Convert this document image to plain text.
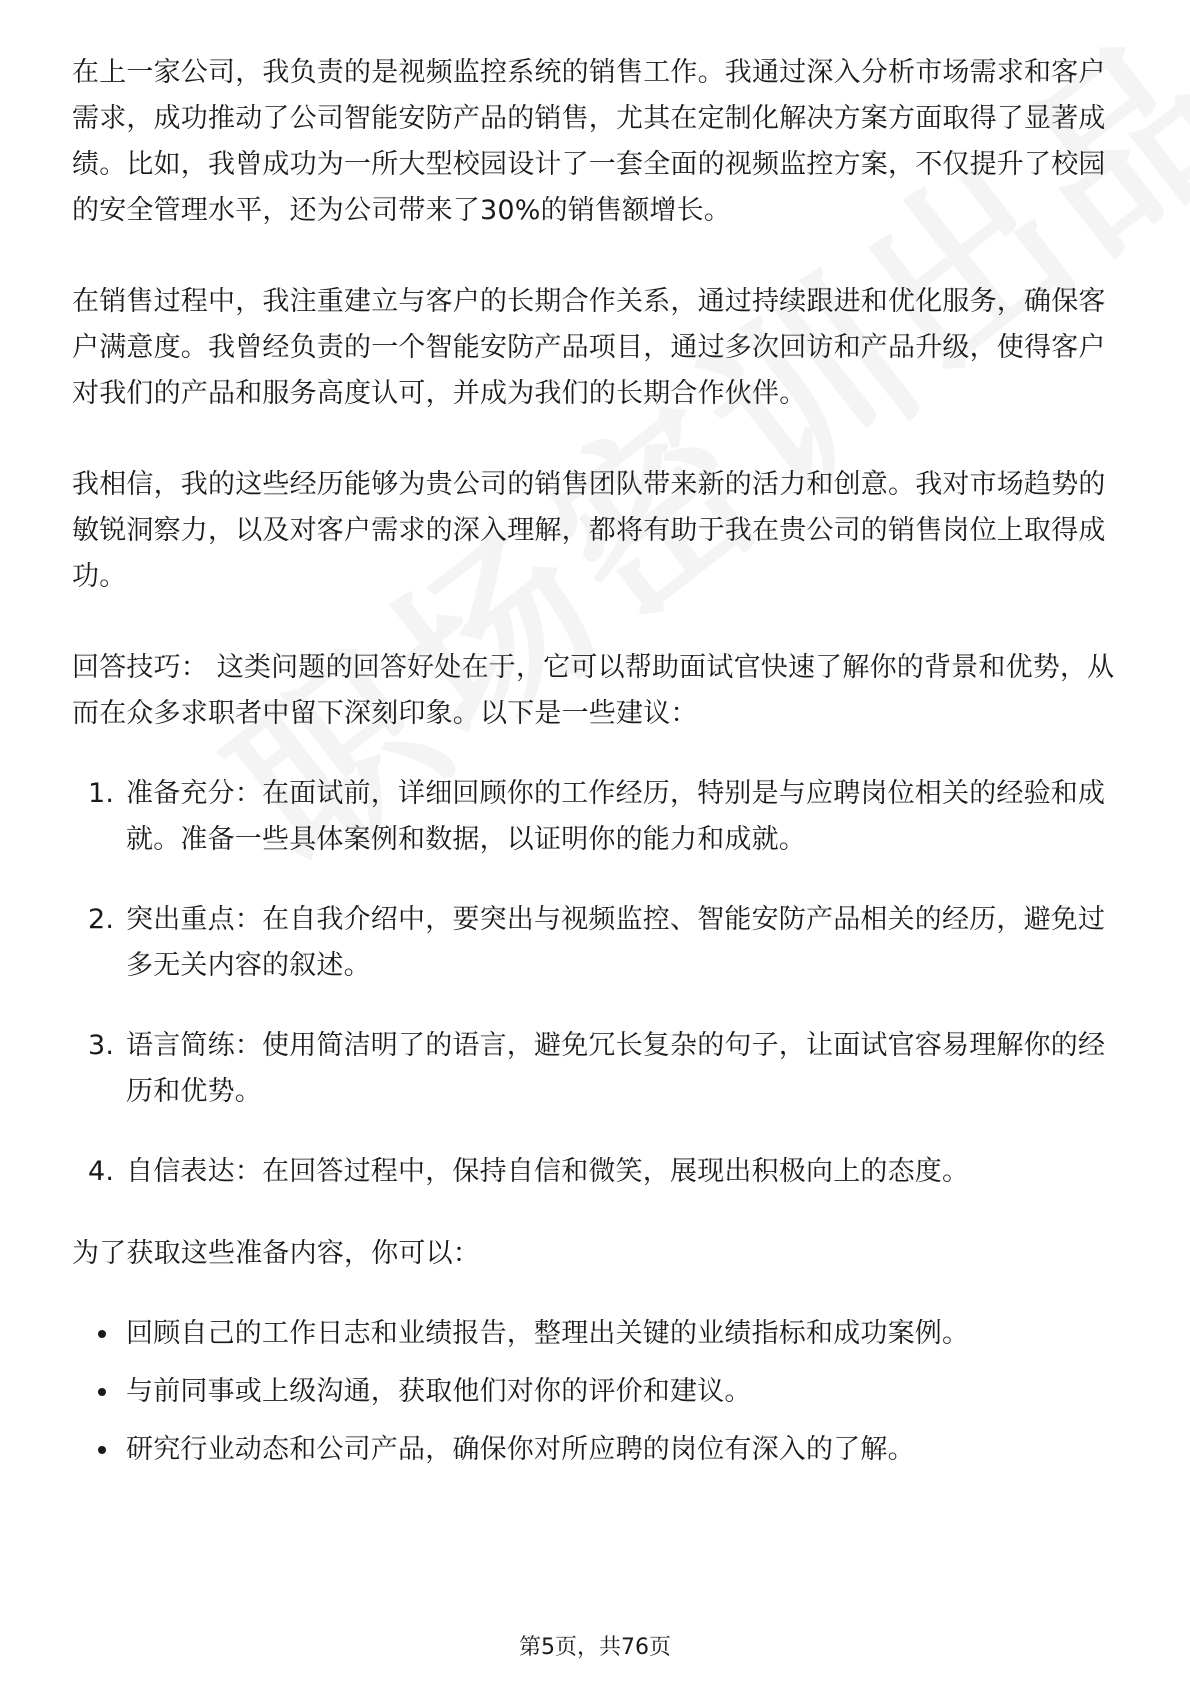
在上一家公司，我负责的是视频监控系统的销售工作。我通过深入分析市场需求和客户需求，成功推动了公司智能安防产品的销售，尤其在定制化解决方案方面取得了显著成绩。比如，我曾成功为一所大型校园设计了一套全面的视频监控方案，不仅提升了校园的安全管理水平，还为公司带来了30%的销售额增长。

在销售过程中，我注重建立与客户的长期合作关系，通过持续跟进和优化服务，确保客户满意度。我曾经负责的一个智能安防产品项目，通过多次回访和产品升级，使得客户对我们的产品和服务高度认可，并成为我们的长期合作伙伴。

我相信，我的这些经历能够为贵公司的销售团队带来新的活力和创意。我对市场趋势的敏锐洞察力，以及对客户需求的深入理解，都将有助于我在贵公司的销售岗位上取得成功。

回答技巧： 这类问题的回答好处在于，它可以帮助面试官快速了解你的背景和优势，从而在众多求职者中留下深刻印象。以下是一些建议：

1. 准备充分：在面试前，详细回顾你的工作经历，特别是与应聘岗位相关的经验和成就。准备一些具体案例和数据，以证明你的能力和成就。
2. 突出重点：在自我介绍中，要突出与视频监控、智能安防产品相关的经历，避免过多无关内容的叙述。
3. 语言简练：使用简洁明了的语言，避免冗长复杂的句子，让面试官容易理解你的经历和优势。
4. 自信表达：在回答过程中，保持自信和微笑，展现出积极向上的态度。

为了获取这些准备内容，你可以：

回顾自己的工作日志和业绩报告，整理出关键的业绩指标和成功案例。
与前同事或上级沟通，获取他们对你的评价和建议。
研究行业动态和公司产品，确保你对所应聘的岗位有深入的了解。
第5页，共76页
